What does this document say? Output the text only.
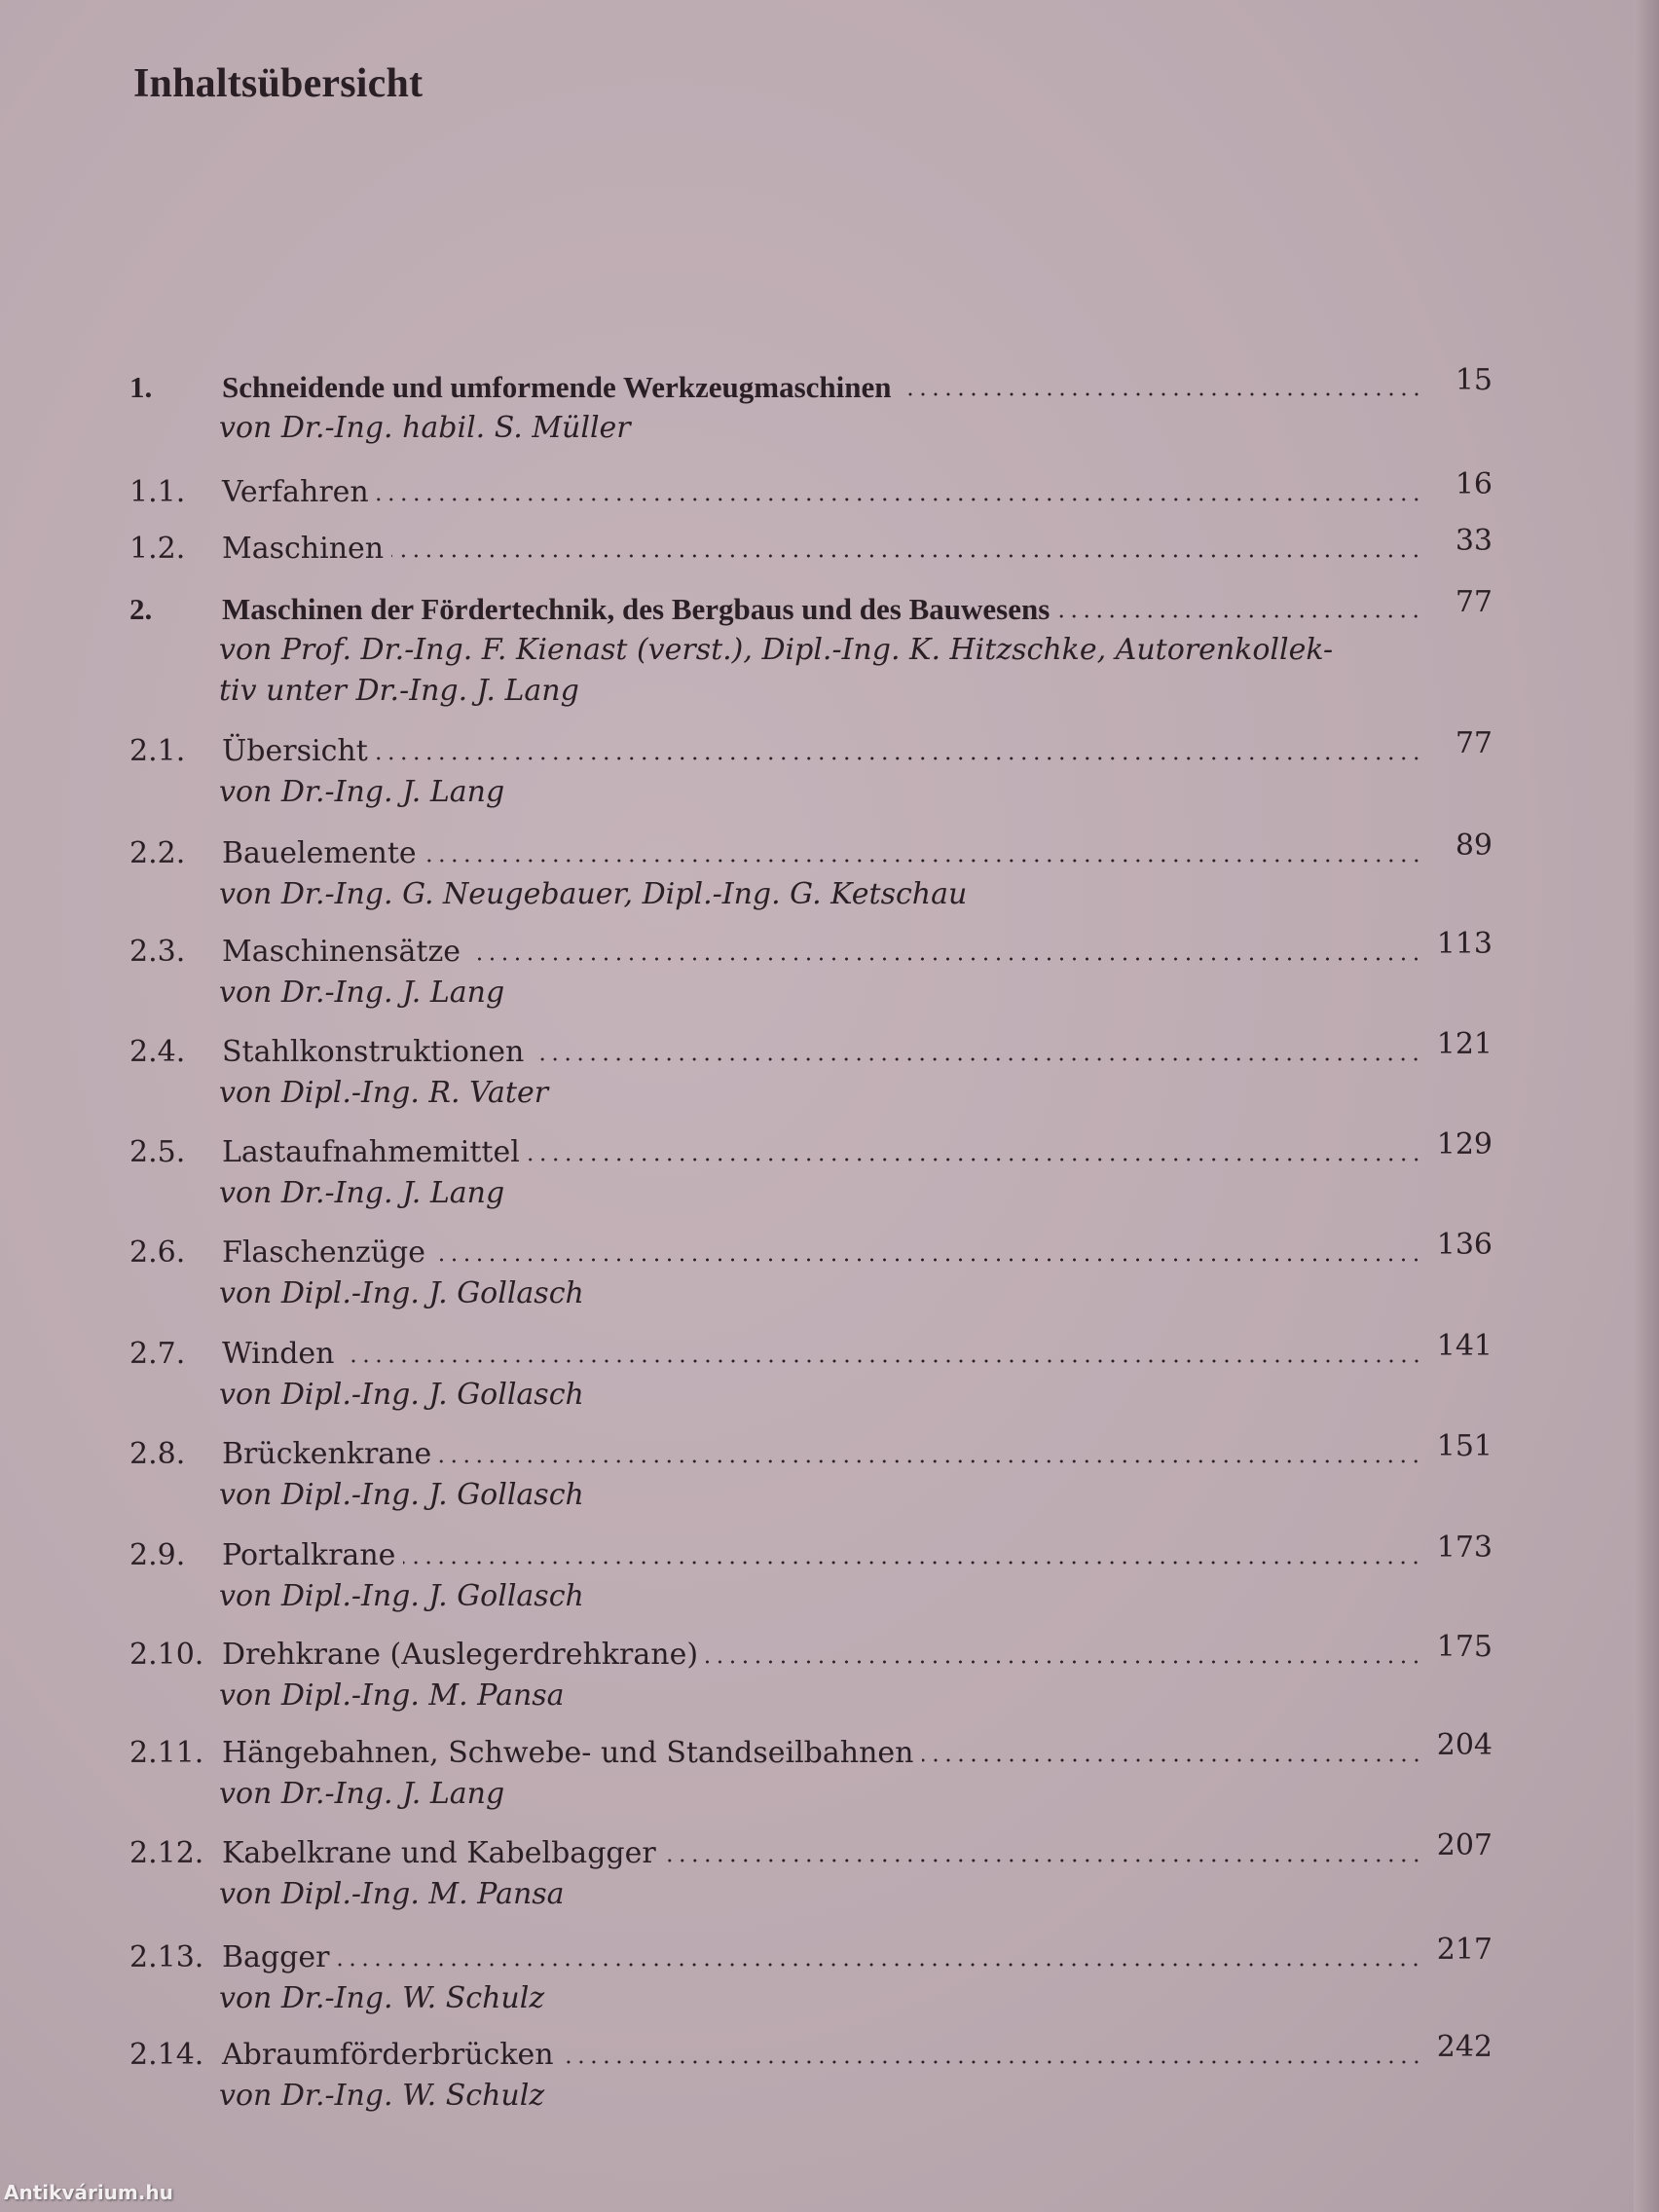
Inhaltsübersicht
1.	Schneidende und umformende Werkzeugmaschinen	15
von Dr.-Ing. habil. S. Müller
1.1.	Verfahren	16
1.2.	Maschinen	33
2.	Maschinen der Fördertechnik, des Bergbaus und des Bauwesens	77
von Prof. Dr.-Ing. F. Kienast (verst.), Dipl.-Ing. K. Hitzschke, Autorenkollek-
tiv unter Dr.-Ing. J. Lang
2.1.	Übersicht	77
von Dr.-Ing. J. Lang
2.2.	Bauelemente	89
von Dr.-Ing. G. Neugebauer, Dipl.-Ing. G. Ketschau
2.3.	Maschinensätze	113
von Dr.-Ing. J. Lang
2.4.	Stahlkonstruktionen	121
von Dipl.-Ing. R. Vater
2.5.	Lastaufnahmemittel	129
von Dr.-Ing. J. Lang
2.6.	Flaschenzüge	136
von Dipl.-Ing. J. Gollasch
2.7.	Winden	141
von Dipl.-Ing. J. Gollasch
2.8.	Brückenkrane	151
von Dipl.-Ing. J. Gollasch
2.9.	Portalkrane	173
von Dipl.-Ing. J. Gollasch
2.10. Drehkrane (Auslegerdrehkrane)	175
von Dipl.-Ing. M. Pansa
2.11. Hängebahnen, Schwebe- und Standseilbahnen	204
von Dr.-Ing. J. Lang
2.12. Kabelkrane und Kabelbagger	207
von Dipl.-Ing. M. Pansa
2.13. Bagger	217
von Dr.-Ing. W. Schulz
2.14. Abraumförderbrücken	242
von Dr.-Ing. W. Schulz
Antikvárium.hu
